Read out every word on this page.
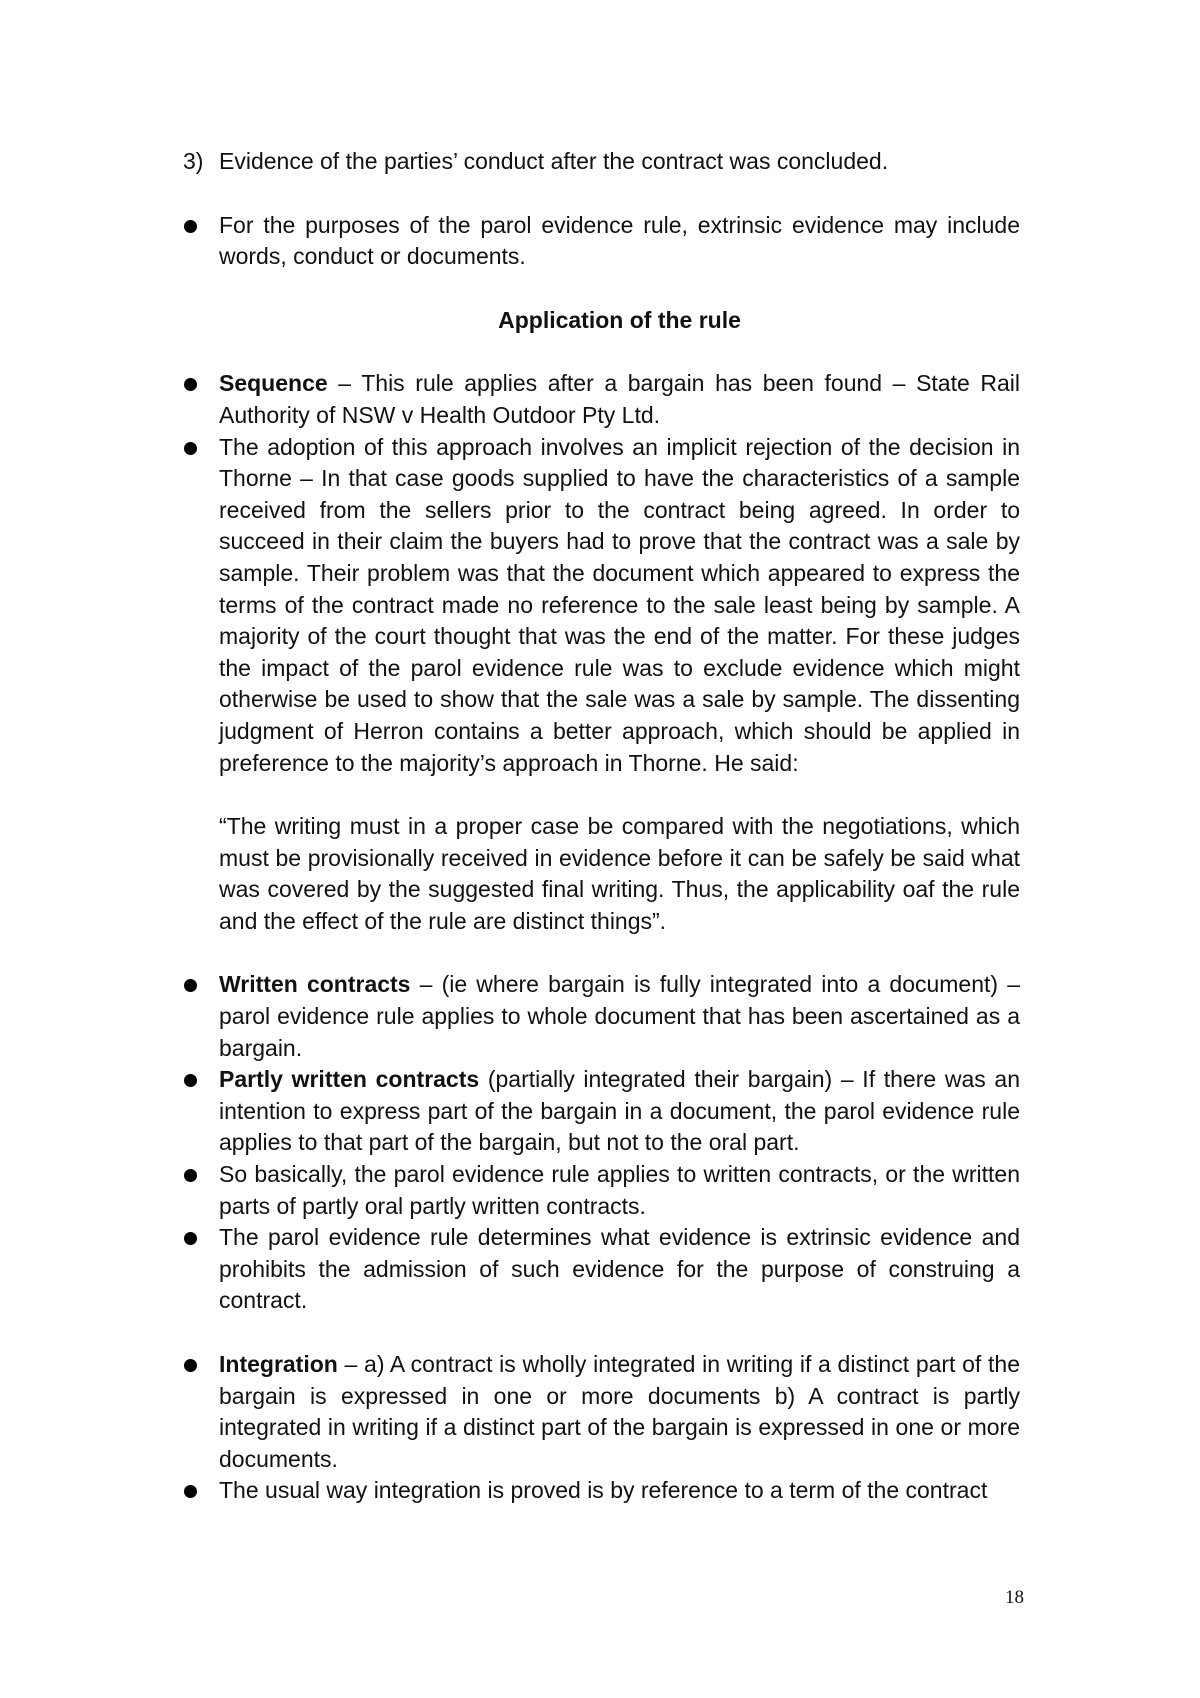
3) Evidence of the parties’ conduct after the contract was concluded.
For the purposes of the parol evidence rule, extrinsic evidence may include words, conduct or documents.
Application of the rule
Sequence – This rule applies after a bargain has been found – State Rail Authority of NSW v Health Outdoor Pty Ltd.
The adoption of this approach involves an implicit rejection of the decision in Thorne – In that case goods supplied to have the characteristics of a sample received from the sellers prior to the contract being agreed. In order to succeed in their claim the buyers had to prove that the contract was a sale by sample. Their problem was that the document which appeared to express the terms of the contract made no reference to the sale least being by sample. A majority of the court thought that was the end of the matter. For these judges the impact of the parol evidence rule was to exclude evidence which might otherwise be used to show that the sale was a sale by sample. The dissenting judgment of Herron contains a better approach, which should be applied in preference to the majority’s approach in Thorne. He said:
“The writing must in a proper case be compared with the negotiations, which must be provisionally received in evidence before it can be safely be said what was covered by the suggested final writing. Thus, the applicability oaf the rule and the effect of the rule are distinct things”.
Written contracts – (ie where bargain is fully integrated into a document) – parol evidence rule applies to whole document that has been ascertained as a bargain.
Partly written contracts (partially integrated their bargain) – If there was an intention to express part of the bargain in a document, the parol evidence rule applies to that part of the bargain, but not to the oral part.
So basically, the parol evidence rule applies to written contracts, or the written parts of partly oral partly written contracts.
The parol evidence rule determines what evidence is extrinsic evidence and prohibits the admission of such evidence for the purpose of construing a contract.
Integration – a) A contract is wholly integrated in writing if a distinct part of the bargain is expressed in one or more documents b) A contract is partly integrated in writing if a distinct part of the bargain is expressed in one or more documents.
The usual way integration is proved is by reference to a term of the contract
18
